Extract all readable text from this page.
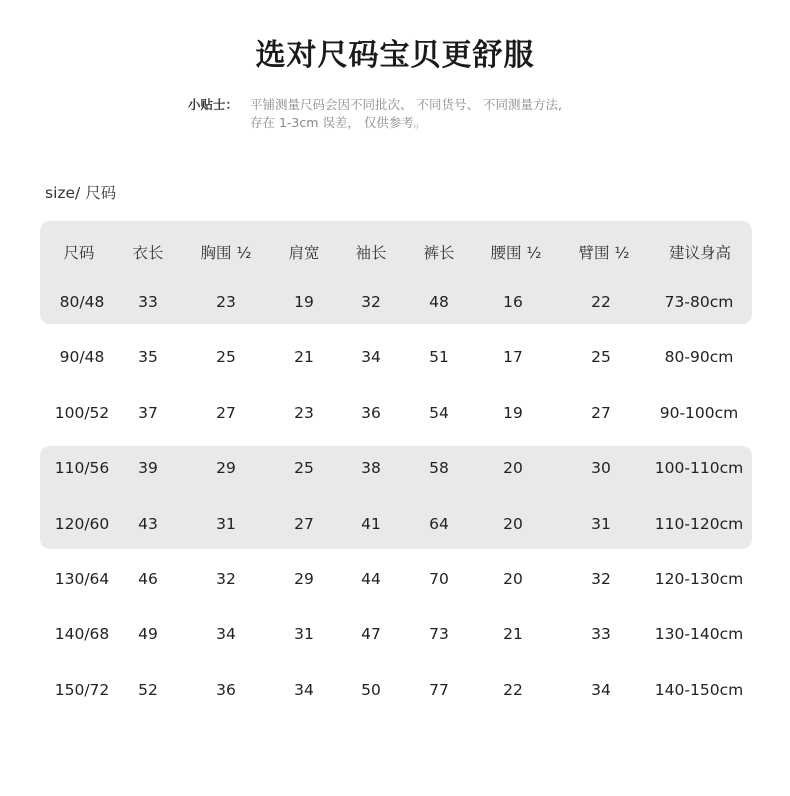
选对尺码宝贝更舒服
小贴士： 平铺测量尺码会因不同批次、 不同货号、 不同测量方法,
存在 1-3cm 误差， 仅供参考。
size/ 尺码
尺码 衣长 胸围 ½ 肩宽 袖长 裤长 腰围 ½ 臂围 ½	建议身高
80/48 33	23	19	32	48	16	22	73-80cm
90/48 35	25	21	34	51	17	25	80-90cm
100/52 37	27	23	36	54	19	27	90-100cm
110/56 39	29	25	38	58	20	30	100-110cm
120/60 43	31	27	41	64	20	31	110-120cm
130/64 46	32	29	44	70	20	32	120-130cm
140/68 49	34	31	47	73	21	33	130-140cm
150/72 52	36	34	50	77	22	34	140-150cm
